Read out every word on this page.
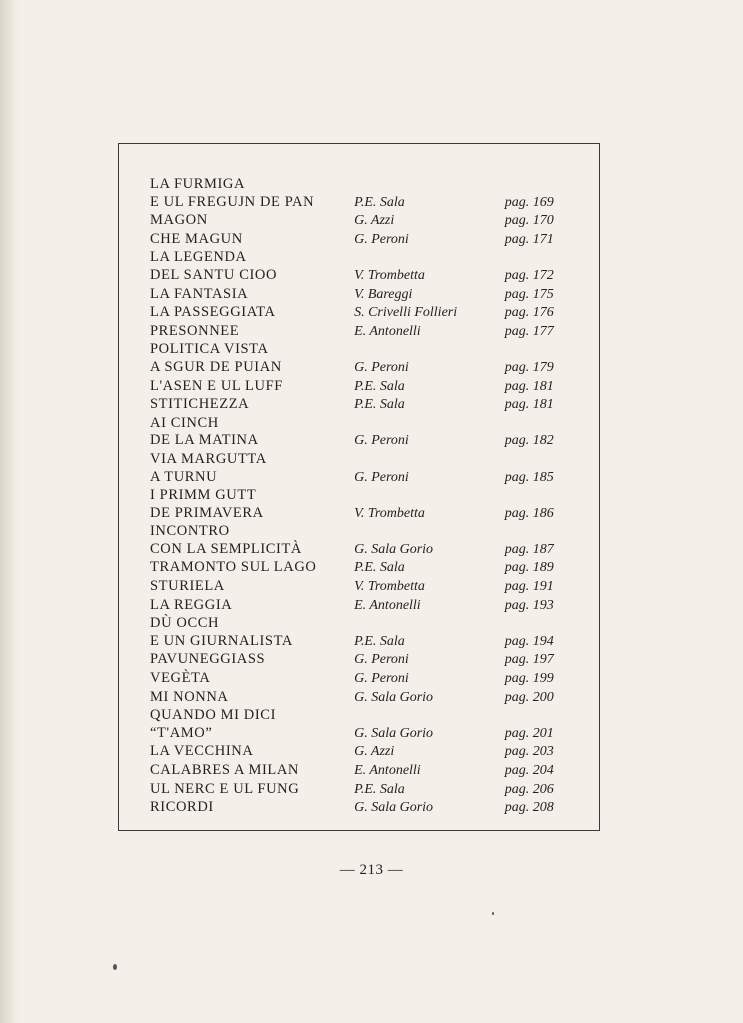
LA FURMIGA
E UL FREGUJN DE PAN	P.E. Sala	pag. 169
MAGON	G. Azzi	pag. 170
CHE MAGUN	G. Peroni	pag. 171
LA LEGENDA
DEL SANTU CIOO	V. Trombetta	pag. 172
LA FANTASIA	V. Bareggi	pag. 175
LA PASSEGGIATA	S. Crivelli Follieri	pag. 176
PRESONNEE	E. Antonelli	pag. 177
POLITICA VISTA
A SGUR DE PUIAN	G. Peroni	pag. 179
L'ASEN E UL LUFF	P.E. Sala	pag. 181
STITICHEZZA	P.E. Sala	pag. 181
AI CINCH
DE LA MATINA	G. Peroni	pag. 182
VIA MARGUTTA
A TURNU	G. Peroni	pag. 185
I PRIMM GUTT
DE PRIMAVERA	V. Trombetta	pag. 186
INCONTRO
CON LA SEMPLICITÀ	G. Sala Gorio	pag. 187
TRAMONTO SUL LAGO	P.E. Sala	pag. 189
STURIELA	V. Trombetta	pag. 191
LA REGGIA	E. Antonelli	pag. 193
DÙ OCCH
E UN GIURNALISTA	P.E. Sala	pag. 194
PAVUNEGGIASS	G. Peroni	pag. 197
VEGÈTA	G. Peroni	pag. 199
MI NONNA	G. Sala Gorio	pag. 200
QUANDO MI DICI
“T'AMO”	G. Sala Gorio	pag. 201
LA VECCHINA	G. Azzi	pag. 203
CALABRES A MILAN	E. Antonelli	pag. 204
UL NERC E UL FUNG	P.E. Sala	pag. 206
RICORDI	G. Sala Gorio	pag. 208
— 213 —
